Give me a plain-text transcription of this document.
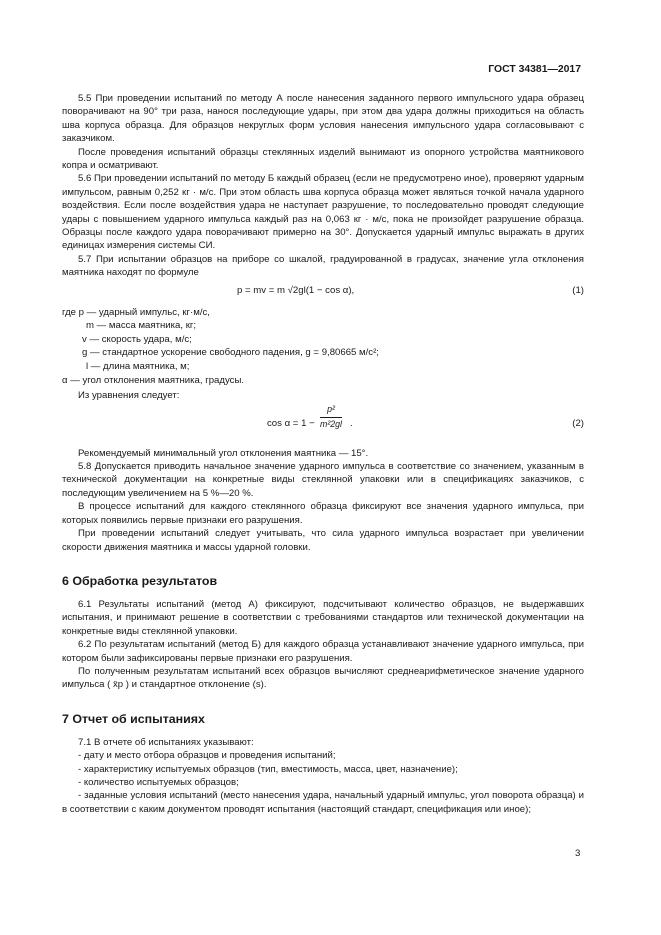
ГОСТ 34381—2017

5.5 При проведении испытаний по методу А после нанесения заданного первого импульсного удара образец поворачивают на 90° три раза, нанося последующие удары, при этом два удара должны приходиться на область шва корпуса образца. Для образцов некруглых форм условия нанесения импульсного удара согласовывают с заказчиком.

После проведения испытаний образцы стеклянных изделий вынимают из опорного устройства маятникового копра и осматривают.

5.6 При проведении испытаний по методу Б каждый образец (если не предусмотрено иное), проверяют ударным импульсом, равным 0,252 кг · м/с. При этом область шва корпуса образца может являться точкой начала ударного воздействия. Если после воздействия удара не наступает разрушение, то последовательно проводят следующие удары с повышением ударного импульса каждый раз на 0,063 кг · м/с, пока не произойдет разрушение образца. Образцы после каждого удара поворачивают примерно на 30°. Допускается ударный импульс выражать в других единицах измерения системы СИ.

5.7 При испытании образцов на приборе со шкалой, градуированной в градусах, значение угла отклонения маятника находят по формуле

p = mv = m √2gl(1 − cos α),	(1)
где p — ударный импульс, кг·м/с,
m — масса маятника, кг;
v — скорость удара, м/с;
g — стандартное ускорение свободного падения, g = 9,80665 м/с²;
l — длина маятника, м;
α — угол отклонения маятника, градусы.

Из уравнения следует:

$\cos \alpha = 1 - \frac{\text{p²}}{\text{m²2gl}}$ .	(2)

Рекомендуемый минимальный угол отклонения маятника — 15°.

5.8 Допускается приводить начальное значение ударного импульса в соответствие со значением, указанным в технической документации на конкретные виды стеклянной упаковки или в спецификациях заказчиков, с последующим увеличением на 5 %—20 %.

В процессе испытаний для каждого стеклянного образца фиксируют все значения ударного импульса, при которых появились первые признаки его разрушения.

При проведении испытаний следует учитывать, что сила ударного импульса возрастает при увеличении скорости движения маятника и массы ударной головки.

6 Обработка результатов

6.1 Результаты испытаний (метод А) фиксируют, подсчитывают количество образцов, не выдержавших испытания, и принимают решение в соответствии с требованиями стандартов или технической документации на конкретные виды стеклянной упаковки.

6.2 По результатам испытаний (метод Б) для каждого образца устанавливают значение ударного импульса, при котором были зафиксированы первые признаки его разрушения.

По полученным результатам испытаний всех образцов вычисляют среднеарифметическое значение ударного импульса ( x̄p ) и стандартное отклонение (s).

7 Отчет об испытаниях

7.1 В отчете об испытаниях указывают:

- дату и место отбора образцов и проведения испытаний;

- характеристику испытуемых образцов (тип, вместимость, масса, цвет, назначение);

- количество испытуемых образцов;

- заданные условия испытаний (место нанесения удара, начальный ударный импульс, угол поворота образца) и в соответствии с каким документом проводят испытания (настоящий стандарт, спецификация или иное);

3
